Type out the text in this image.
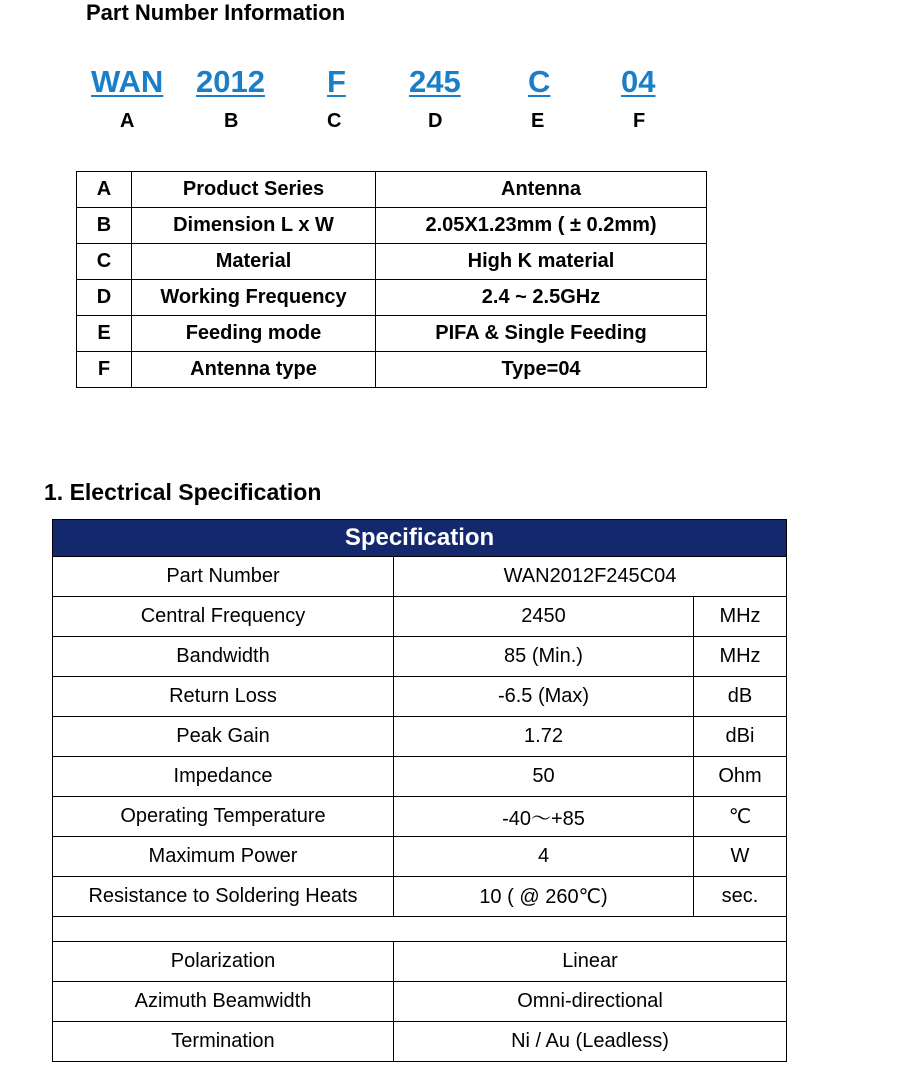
Part Number Information
WAN 2012 F 245 C 04
A	B	C	D	E	F
A	Product Series	Antenna
B	Dimension L x W	2.05X1.23mm ( ± 0.2mm)
C	Material	High K material
D	Working Frequency	2.4 ~ 2.5GHz
E	Feeding mode	PIFA & Single Feeding
F	Antenna type	Type=04
1. Electrical Specification
Specification		
Part Number	WAN2012F245C04	
Central Frequency	2450	MHz
Bandwidth	85 (Min.)	MHz
Return Loss	-6.5 (Max)	dB
Peak Gain	1.72	dBi
Impedance	50	Ohm
Operating Temperature	-40～+85	℃
Maximum Power	4	W
Resistance to Soldering Heats	10 ( @ 260℃)	sec.

Polarization	Linear	
Azimuth Beamwidth	Omni-directional	
Termination	Ni / Au (Leadless)	
